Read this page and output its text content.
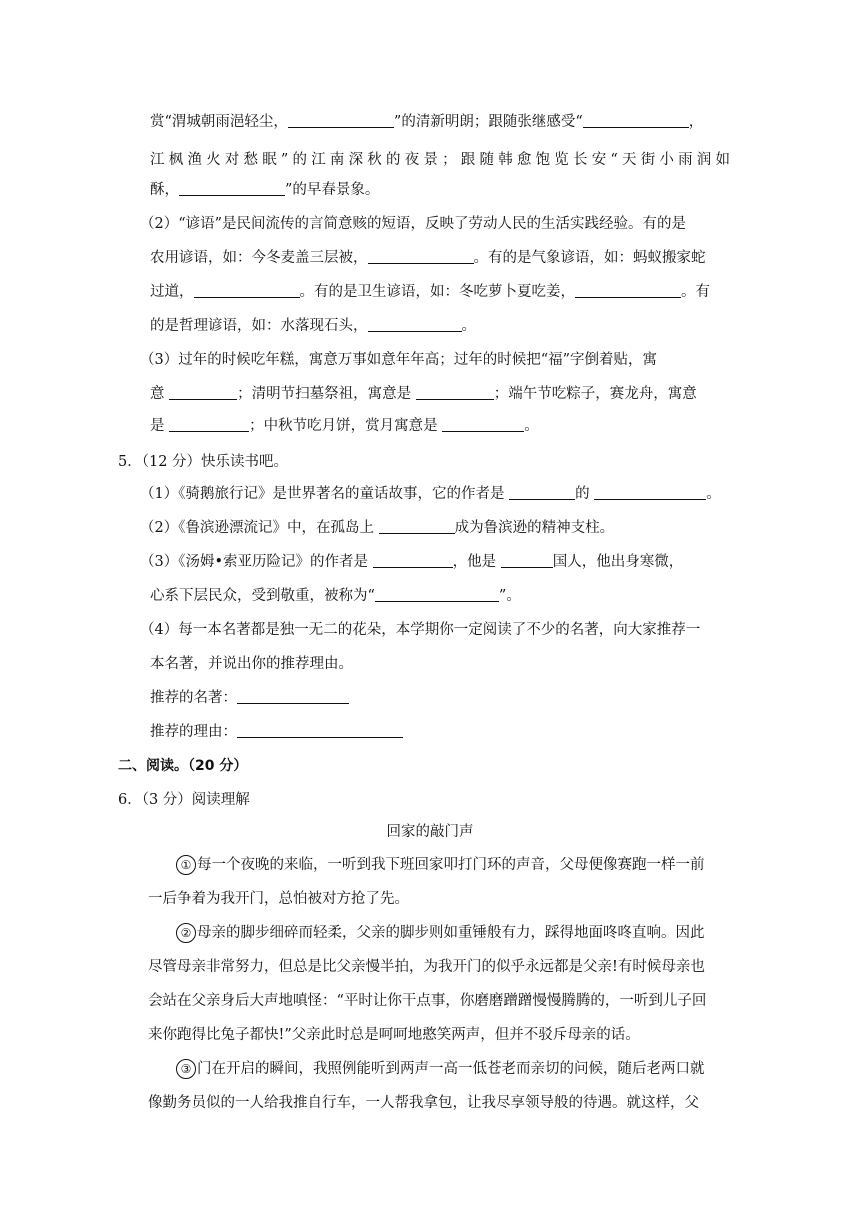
赏“渭城朝雨浥轻尘，	”的清新明朗；跟随张继感受“	，
江枫渔火对愁眠”的江南深秋的夜景；跟随韩愈饱览长安“天街小雨润如
酥，	”的早春景象。
（2）“谚语”是民间流传的言简意赅的短语，反映了劳动人民的生活实践经验。有的是
农用谚语，如：今冬麦盖三层被，	。有的是气象谚语，如：蚂蚁搬家蛇
过道，	。有的是卫生谚语，如：冬吃萝卜夏吃姜，	。有
的是哲理谚语，如：水落现石头，	。
（3）过年的时候吃年糕，寓意万事如意年年高；过年的时候把“福”字倒着贴，寓
意	；清明节扫墓祭祖，寓意是	；端午节吃粽子，赛龙舟，寓意
是	；中秋节吃月饼，赏月寓意是	。
5．（12 分）快乐读书吧。
（1）《骑鹅旅行记》是世界著名的童话故事，它的作者是	的	。
（2）《鲁滨逊漂流记》中，在孤岛上	成为鲁滨逊的精神支柱。
（3）《汤姆•索亚历险记》的作者是	，他是	国人，他出身寒微，
心系下层民众，受到敬重，被称为“	”。
（4）每一本名著都是独一无二的花朵，本学期你一定阅读了不少的名著，向大家推荐一
本名著，并说出你的推荐理由。
推荐的名著：
推荐的理由：
二、阅读。（20 分）
6．（3 分）阅读理解
回家的敲门声
① 每一个夜晚的来临，一听到我下班回家叩打门环的声音，父母便像赛跑一样一前
一后争着为我开门，总怕被对方抢了先。
② 母亲的脚步细碎而轻柔，父亲的脚步则如重锤般有力，踩得地面咚咚直响。因此
尽管母亲非常努力，但总是比父亲慢半拍，为我开门的似乎永远都是父亲!有时候母亲也
会站在父亲身后大声地嗔怪：“平时让你干点事，你磨磨蹭蹭慢慢腾腾的，一听到儿子回
来你跑得比兔子都快!”父亲此时总是呵呵地憨笑两声，但并不驳斥母亲的话。
③ 门在开启的瞬间，我照例能听到两声一高一低苍老而亲切的问候，随后老两口就
像勤务员似的一人给我推自行车，一人帮我拿包，让我尽享领导般的待遇。就这样，父
